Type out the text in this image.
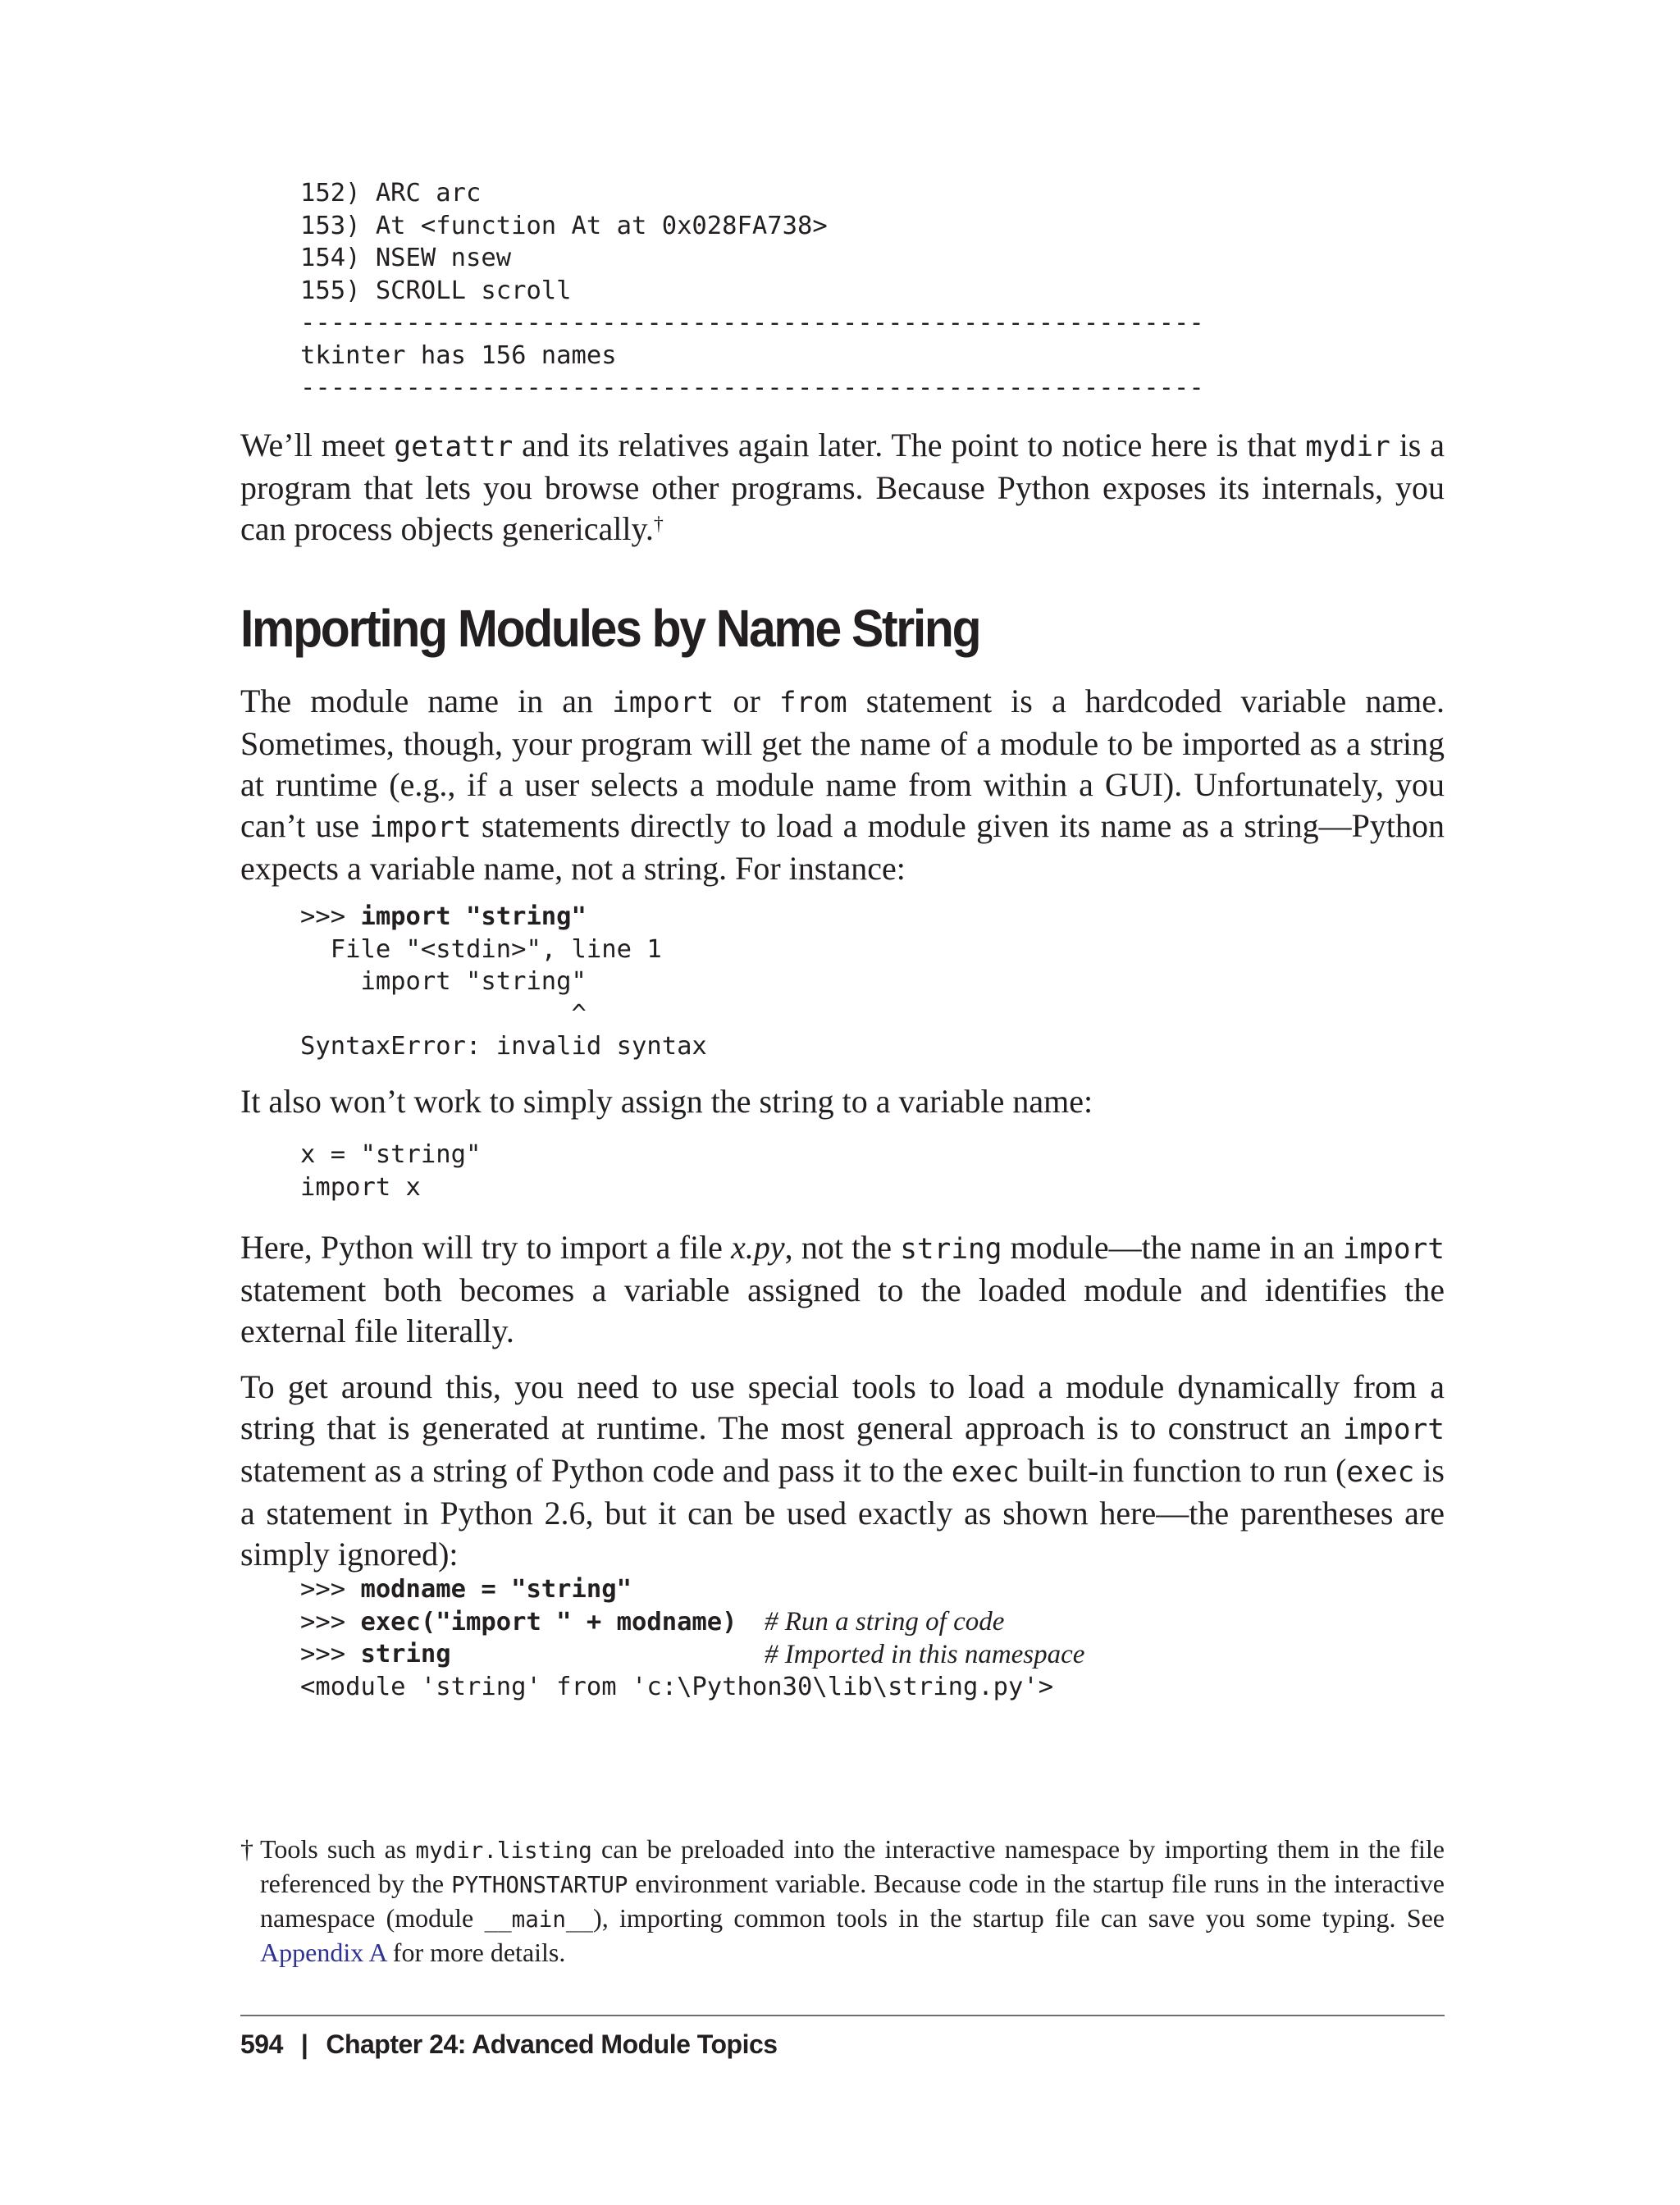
152) ARC arc
153) At <function At at 0x028FA738>
154) NSEW nsew
155) SCROLL scroll
------------------------------------------------------------
tkinter has 156 names
------------------------------------------------------------

We’ll meet getattr and its relatives again later. The point to notice here is that mydir is a program that lets you browse other programs. Because Python exposes its internals, you can process objects generically.†

Importing Modules by Name String

The module name in an import or from statement is a hardcoded variable name. Sometimes, though, your program will get the name of a module to be imported as a string at runtime (e.g., if a user selects a module name from within a GUI). Unfortunately, you can’t use import statements directly to load a module given its name as a string—Python expects a variable name, not a string. For instance:

>>> import "string"
File "<stdin>", line 1
import "string"
^
SyntaxError: invalid syntax

It also won’t work to simply assign the string to a variable name:

x = "string"
import x

Here, Python will try to import a file x.py, not the string module—the name in an import statement both becomes a variable assigned to the loaded module and identifies the external file literally.

To get around this, you need to use special tools to load a module dynamically from a string that is generated at runtime. The most general approach is to construct an import statement as a string of Python code and pass it to the exec built-in function to run (exec is a statement in Python 2.6, but it can be used exactly as shown here—the parentheses are simply ignored):

>>> modname = "string"
>>> exec("import " + modname) # Run a string of code

>>> string	# Imported in this namespace

<module 'string' from 'c:\Python30\lib\string.py'>

† Tools such as mydir.listing can be preloaded into the interactive namespace by importing them in the file referenced by the PYTHONSTARTUP environment variable. Because code in the startup file runs in the interactive namespace (module __main__), importing common tools in the startup file can save you some typing. See Appendix A for more details.

594 | Chapter 24: Advanced Module Topics
